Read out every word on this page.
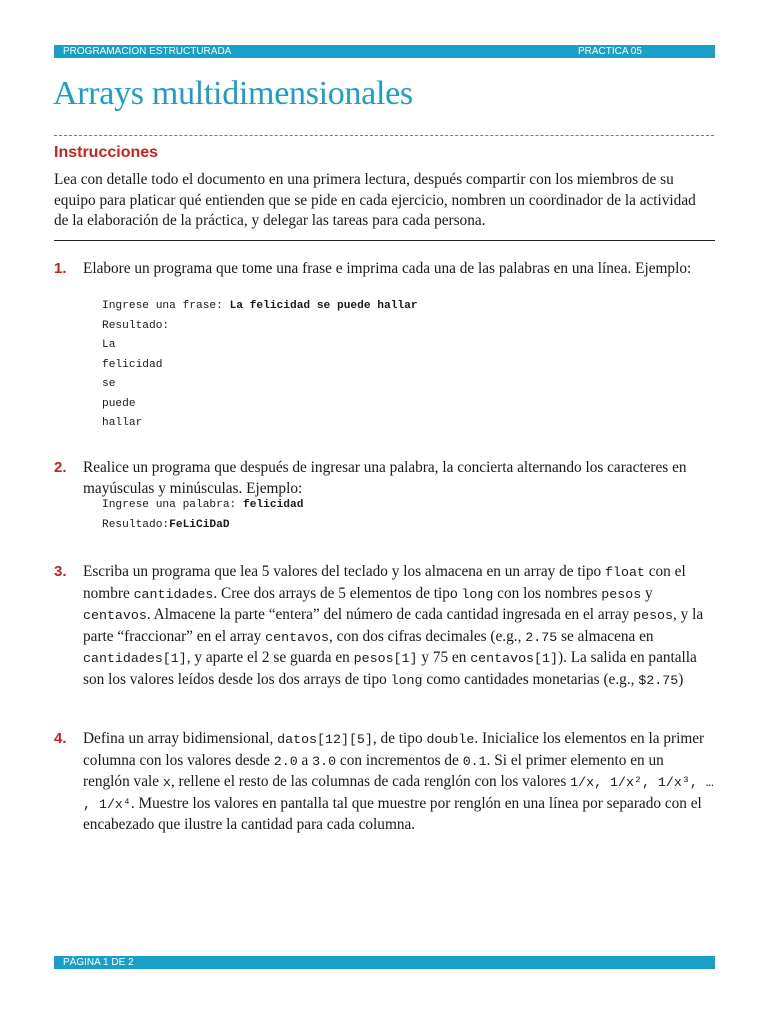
PROGRAMACION ESTRUCTURADA	PRACTICA 05
Arrays multidimensionales
Instrucciones
Lea con detalle todo el documento en una primera lectura, después compartir con los miembros de su equipo para platicar qué entienden que se pide en cada ejercicio, nombren un coordinador de la actividad de la elaboración de la práctica, y delegar las tareas para cada persona.
1. Elabore un programa que tome una frase e imprima cada una de las palabras en una línea. Ejemplo:
Ingrese una frase: La felicidad se puede hallar
Resultado:
La
felicidad
se
puede
hallar
2. Realice un programa que después de ingresar una palabra, la concierta alternando los caracteres en mayúsculas y minúsculas. Ejemplo:
Ingrese una palabra: felicidad
Resultado:FeLiCiDaD
3. Escriba un programa que lea 5 valores del teclado y los almacena en un array de tipo float con el nombre cantidades. Cree dos arrays de 5 elementos de tipo long con los nombres pesos y centavos. Almacene la parte “entera” del número de cada cantidad ingresada en el array pesos, y la parte “fraccionar” en el array centavos, con dos cifras decimales (e.g., 2.75 se almacena en cantidades[1], y aparte el 2 se guarda en pesos[1] y 75 en centavos[1]). La salida en pantalla son los valores leídos desde los dos arrays de tipo long como cantidades monetarias (e.g., $2.75)
4. Defina un array bidimensional, datos[12][5], de tipo double. Inicialice los elementos en la primer columna con los valores desde 2.0 a 3.0 con incrementos de 0.1. Si el primer elemento en un renglón vale x, rellene el resto de las columnas de cada renglón con los valores 1/x, 1/x², 1/x³, … , 1/x⁴. Muestre los valores en pantalla tal que muestre por renglón en una línea por separado con el encabezado que ilustre la cantidad para cada columna.
PÁGINA 1 DE 2
